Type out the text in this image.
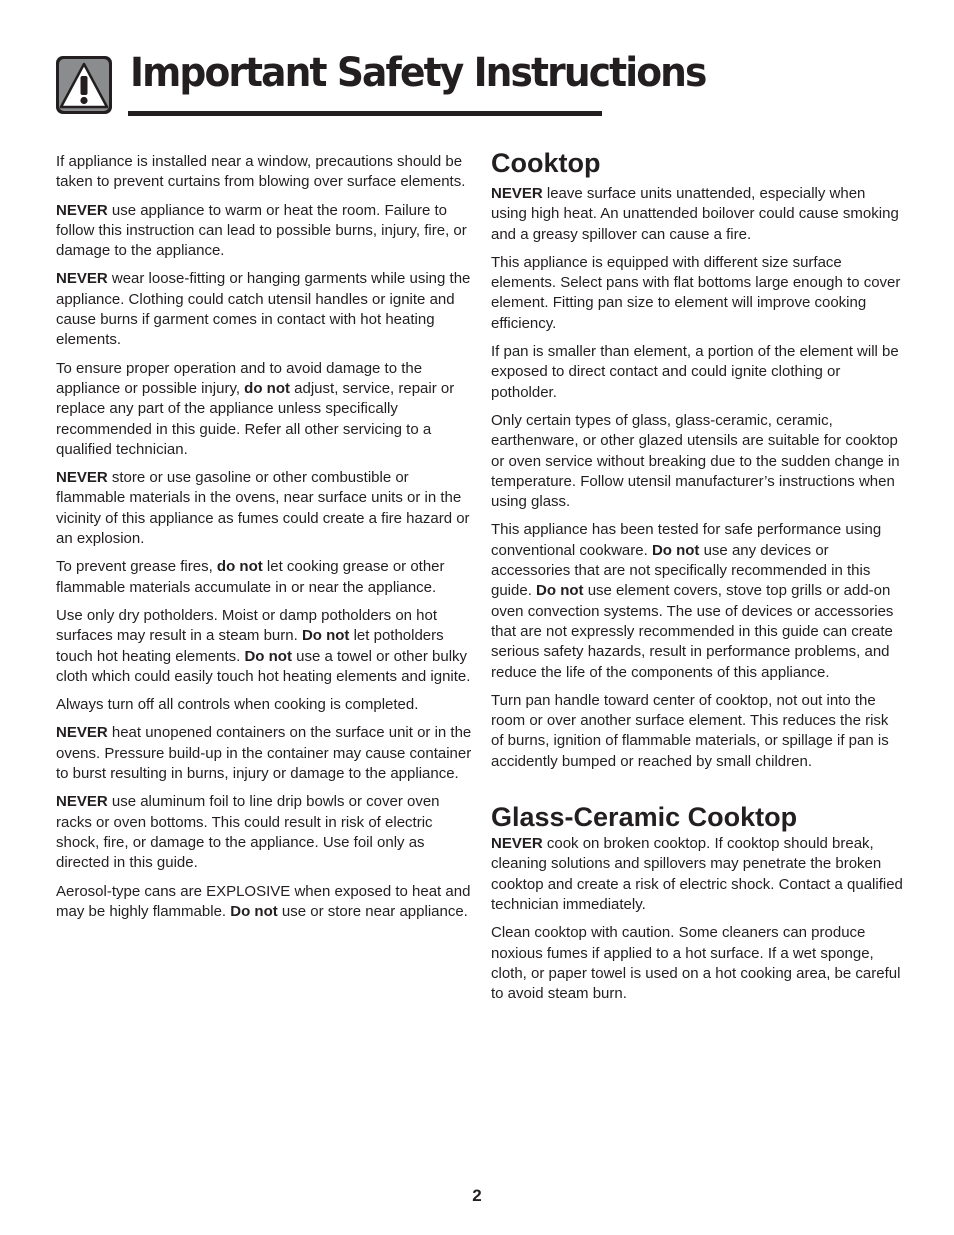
Important Safety Instructions

If appliance is installed near a window, precautions should be taken to prevent curtains from blowing over surface elements.

NEVER use appliance to warm or heat the room. Failure to follow this instruction can lead to possible burns, injury, fire, or damage to the appliance.

NEVER wear loose-fitting or hanging garments while using the appliance. Clothing could catch utensil handles or ignite and cause burns if garment comes in contact with hot heating elements.

To ensure proper operation and to avoid damage to the appliance or possible injury, do not adjust, service, repair or replace any part of the appliance unless specifically recommended in this guide. Refer all other servicing to a qualified technician.

NEVER store or use gasoline or other combustible or flammable materials in the ovens, near surface units or in the vicinity of this appliance as fumes could create a fire hazard or an explosion.

To prevent grease fires, do not let cooking grease or other flammable materials accumulate in or near the appliance.

Use only dry potholders. Moist or damp potholders on hot surfaces may result in a steam burn. Do not let potholders touch hot heating elements. Do not use a towel or other bulky cloth which could easily touch hot heating elements and ignite.

Always turn off all controls when cooking is completed.

NEVER heat unopened containers on the surface unit or in the ovens. Pressure build-up in the container may cause container to burst resulting in burns, injury or damage to the appliance.

NEVER use aluminum foil to line drip bowls or cover oven racks or oven bottoms. This could result in risk of electric shock, fire, or damage to the appliance. Use foil only as directed in this guide.

Aerosol-type cans are EXPLOSIVE when exposed to heat and may be highly flammable. Do not use or store near appliance.

Cooktop

NEVER leave surface units unattended, especially when using high heat. An unattended boilover could cause smoking and a greasy spillover can cause a fire.

This appliance is equipped with different size surface elements. Select pans with flat bottoms large enough to cover element. Fitting pan size to element will improve cooking efficiency.

If pan is smaller than element, a portion of the element will be exposed to direct contact and could ignite clothing or potholder.

Only certain types of glass, glass-ceramic, ceramic, earthenware, or other glazed utensils are suitable for cooktop or oven service without breaking due to the sudden change in temperature. Follow utensil manufacturer’s instructions when using glass.

This appliance has been tested for safe performance using conventional cookware. Do not use any devices or accessories that are not specifically recommended in this guide. Do not use element covers, stove top grills or add-on oven convection systems. The use of devices or accessories that are not expressly recommended in this guide can create serious safety hazards, result in performance problems, and reduce the life of the components of this appliance.

Turn pan handle toward center of cooktop, not out into the room or over another surface element. This reduces the risk of burns, ignition of flammable materials, or spillage if pan is accidently bumped or reached by small children.

Glass-Ceramic Cooktop

NEVER cook on broken cooktop. If cooktop should break, cleaning solutions and spillovers may penetrate the broken cooktop and create a risk of electric shock. Contact a qualified technician immediately.

Clean cooktop with caution. Some cleaners can produce noxious fumes if applied to a hot surface. If a wet sponge, cloth, or paper towel is used on a hot cooking area, be careful to avoid steam burn.

2
